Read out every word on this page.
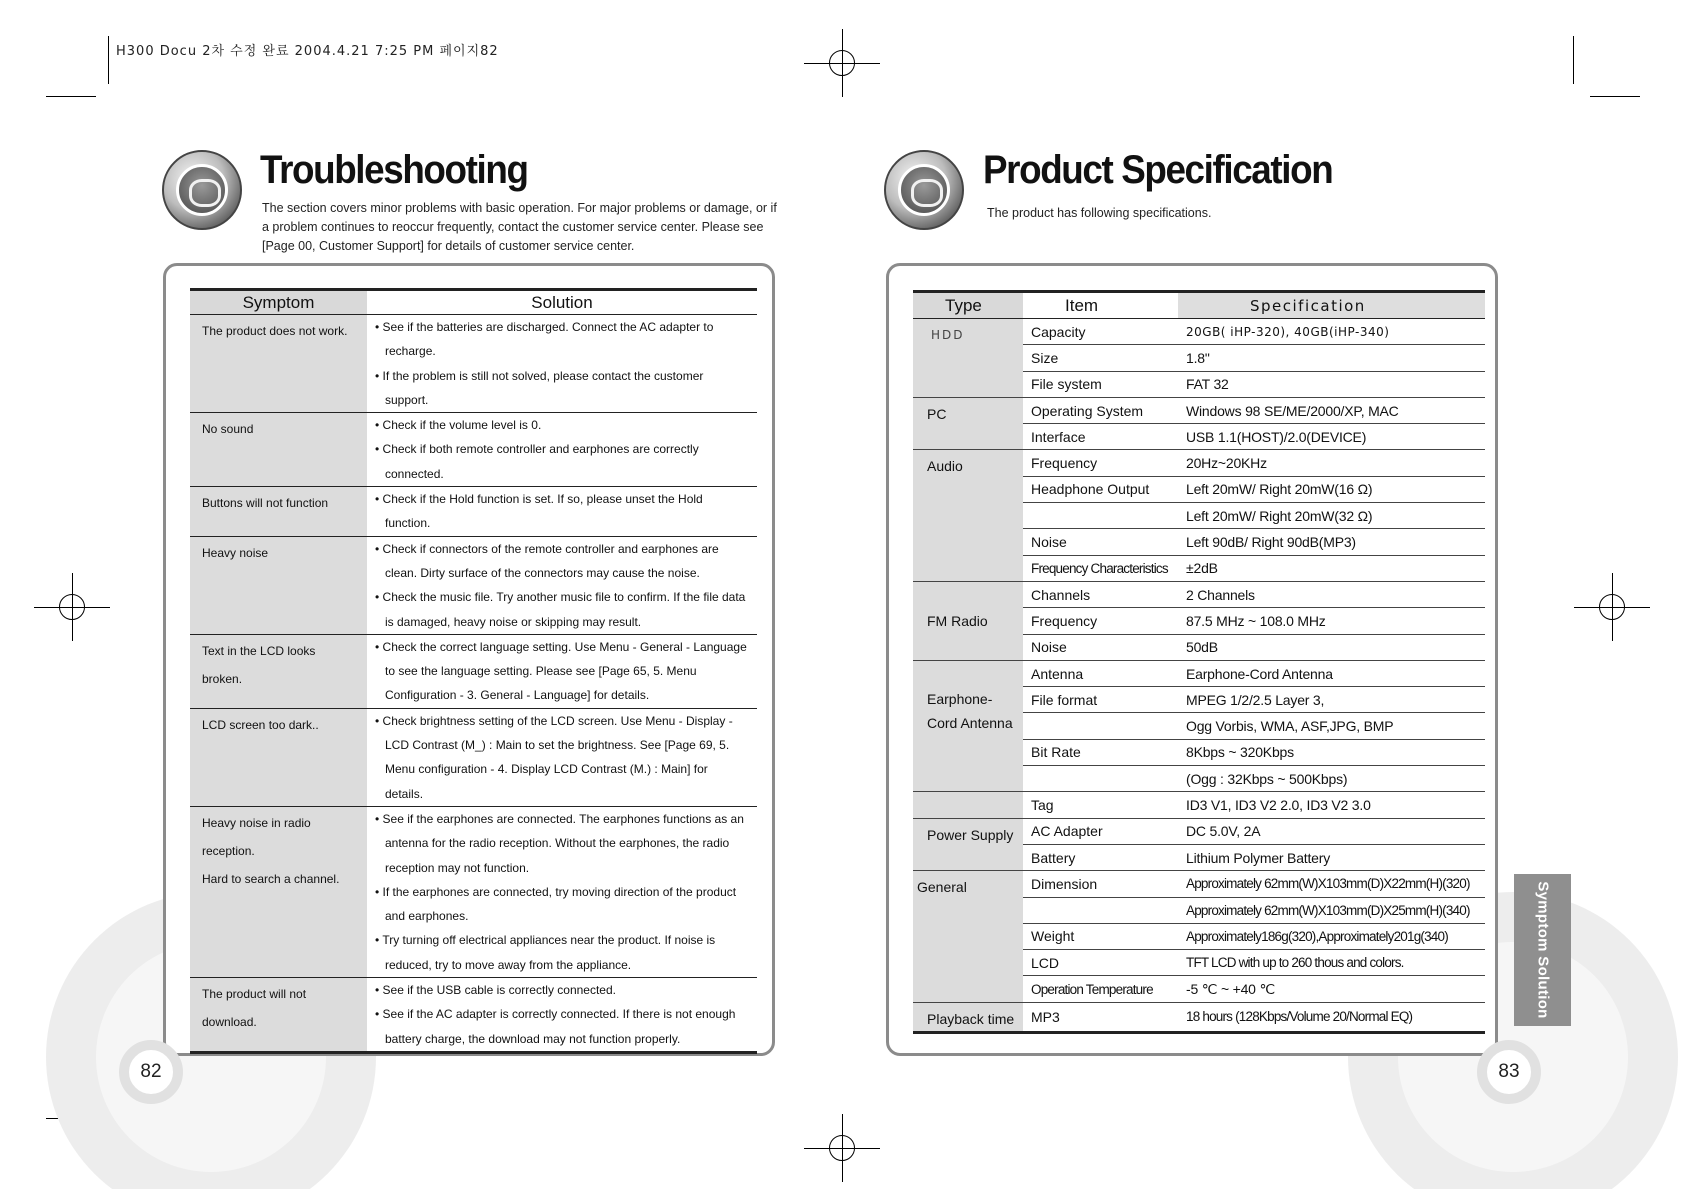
H300 Docu 2차 수정 완료 2004.4.21 7:25 PM 페이지82
Troubleshooting
The section covers minor problems with basic operation. For major problems or damage, or if a problem continues to reoccur frequently, contact the customer service center. Please see [Page 00, Customer Support] for details of customer service center.
Symptom	Solution

The product does not work.	• See if the batteries are discharged. Connect the AC adapter to recharge.
• If the problem is still not solved, please contact the customer support.

No sound	• Check if the volume level is 0.
• Check if both remote controller and earphones are correctly connected.

Buttons will not function	• Check if the Hold function is set. If so, please unset the Hold function.

Heavy noise	• Check if connectors of the remote controller and earphones are clean. Dirty surface of the connectors may cause the noise.
• Check the music file. Try another music file to confirm. If the file data is damaged, heavy noise or skipping may result.

Text in the LCD looks broken.	• Check the correct language setting. Use Menu - General - Language to see the language setting. Please see [Page 65, 5. Menu Configuration - 3. General - Language] for details.

LCD screen too dark..	• Check brightness setting of the LCD screen. Use Menu - Display - LCD Contrast (M_) : Main to set the brightness. See [Page 69, 5. Menu configuration - 4. Display LCD Contrast (M.) : Main] for details.

Heavy noise in radio reception.
Hard to search a channel.	• See if the earphones are connected. The earphones functions as an antenna for the radio reception. Without the earphones, the radio reception may not function.
• If the earphones are connected, try moving direction of the product and earphones.
• Try turning off electrical appliances near the product. If noise is reduced, try to move away from the appliance.

The product will not download.	• See if the USB cable is correctly connected.
• See if the AC adapter is correctly connected. If there is not enough battery charge, the download may not function properly.
82
Product Specification
The product has following specifications.
Type	Item	Specification
HDD	Capacity	20GB( iHP-320), 40GB(iHP-340)
	Size	1.8"
	File system	FAT 32
PC	Operating System	Windows 98 SE/ME/2000/XP, MAC
	Interface	USB 1.1(HOST)/2.0(DEVICE)
Audio	Frequency	20Hz~20KHz
	Headphone Output	Left 20mW/ Right 20mW(16 Ω)
		Left 20mW/ Right 20mW(32 Ω)
	Noise	Left 90dB/ Right 90dB(MP3)
	Frequency Characteristics	±2dB
FM Radio	Channels	2 Channels
	Frequency	87.5 MHz ~ 108.0 MHz
	Noise	50dB
Earphone-
Cord Antenna	Antenna	Earphone-Cord Antenna
	File format	MPEG 1/2/2.5 Layer 3,
		Ogg Vorbis, WMA, ASF,JPG, BMP
	Bit Rate	8Kbps ~ 320Kbps
		(Ogg : 32Kbps ~ 500Kbps)
	Tag	ID3 V1, ID3 V2 2.0, ID3 V2 3.0
Power Supply	AC Adapter	DC 5.0V, 2A
	Battery	Lithium Polymer Battery
General	Dimension	Approximately 62mm(W)X103mm(D)X22mm(H)(320)
		Approximately 62mm(W)X103mm(D)X25mm(H)(340)
	Weight	Approximately186g(320),Approximately201g(340)
	LCD	TFT LCD with up to 260 thous and colors.
	Operation Temperature	-5 ℃ ~ +40 ℃
Playback time	MP3	18 hours (128Kbps/Volume 20/Normal EQ)	Symptom Solution
83
